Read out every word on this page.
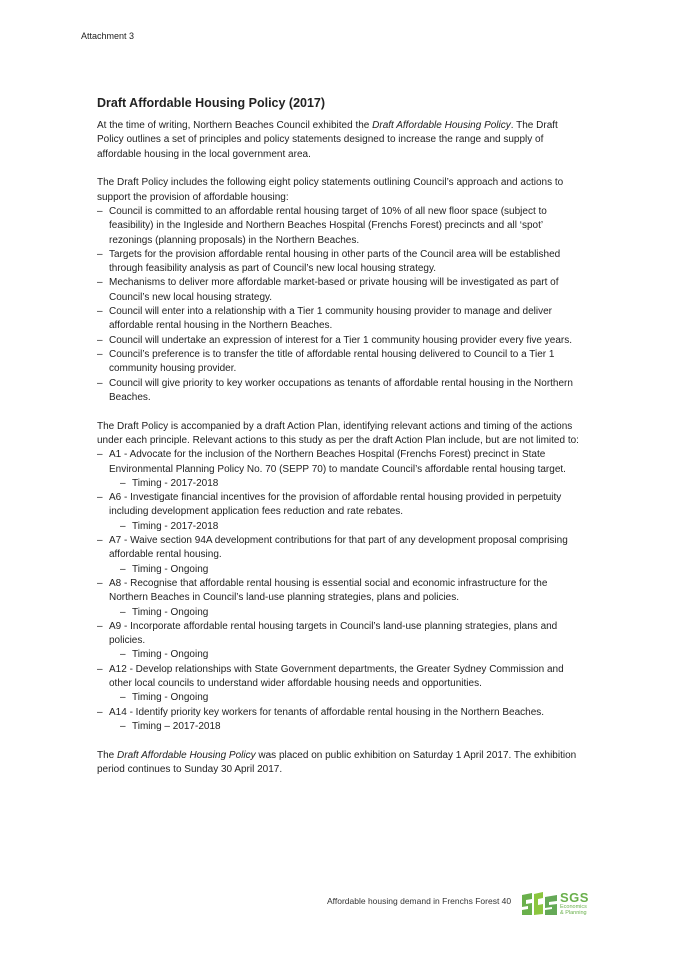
Attachment 3
Draft Affordable Housing Policy (2017)

At the time of writing, Northern Beaches Council exhibited the Draft Affordable Housing Policy. The Draft Policy outlines a set of principles and policy statements designed to increase the range and supply of affordable housing in the local government area.

The Draft Policy includes the following eight policy statements outlining Council’s approach and actions to support the provision of affordable housing:
– Council is committed to an affordable rental housing target of 10% of all new floor space (subject to feasibility) in the Ingleside and Northern Beaches Hospital (Frenchs Forest) precincts and all ‘spot’ rezonings (planning proposals) in the Northern Beaches.
– Targets for the provision affordable rental housing in other parts of the Council area will be established through feasibility analysis as part of Council’s new local housing strategy.
– Mechanisms to deliver more affordable market-based or private housing will be investigated as part of Council’s new local housing strategy.
– Council will enter into a relationship with a Tier 1 community housing provider to manage and deliver affordable rental housing in the Northern Beaches.
– Council will undertake an expression of interest for a Tier 1 community housing provider every five years.
– Council’s preference is to transfer the title of affordable rental housing delivered to Council to a Tier 1 community housing provider.
– Council will give priority to key worker occupations as tenants of affordable rental housing in the Northern Beaches.
The Draft Policy is accompanied by a draft Action Plan, identifying relevant actions and timing of the actions under each principle. Relevant actions to this study as per the draft Action Plan include, but are not limited to:
– A1 - Advocate for the inclusion of the Northern Beaches Hospital (Frenchs Forest) precinct in State Environmental Planning Policy No. 70 (SEPP 70) to mandate Council’s affordable rental housing target.
– Timing - 2017-2018
– A6 - Investigate financial incentives for the provision of affordable rental housing provided in perpetuity including development application fees reduction and rate rebates.
– Timing - 2017-2018
– A7 - Waive section 94A development contributions for that part of any development proposal comprising affordable rental housing.
– Timing - Ongoing
– A8 - Recognise that affordable rental housing is essential social and economic infrastructure for the Northern Beaches in Council’s land-use planning strategies, plans and policies.
– Timing - Ongoing
– A9 - Incorporate affordable rental housing targets in Council’s land-use planning strategies, plans and policies.
– Timing - Ongoing
– A12 - Develop relationships with State Government departments, the Greater Sydney Commission and other local councils to understand wider affordable housing needs and opportunities.
– Timing - Ongoing
– A14 - Identify priority key workers for tenants of affordable rental housing in the Northern Beaches.
– Timing – 2017-2018

The Draft Affordable Housing Policy was placed on public exhibition on Saturday 1 April 2017. The exhibition period continues to Sunday 30 April 2017.

Affordable housing demand in Frenchs Forest 40	SGS
Economics
& Planning
